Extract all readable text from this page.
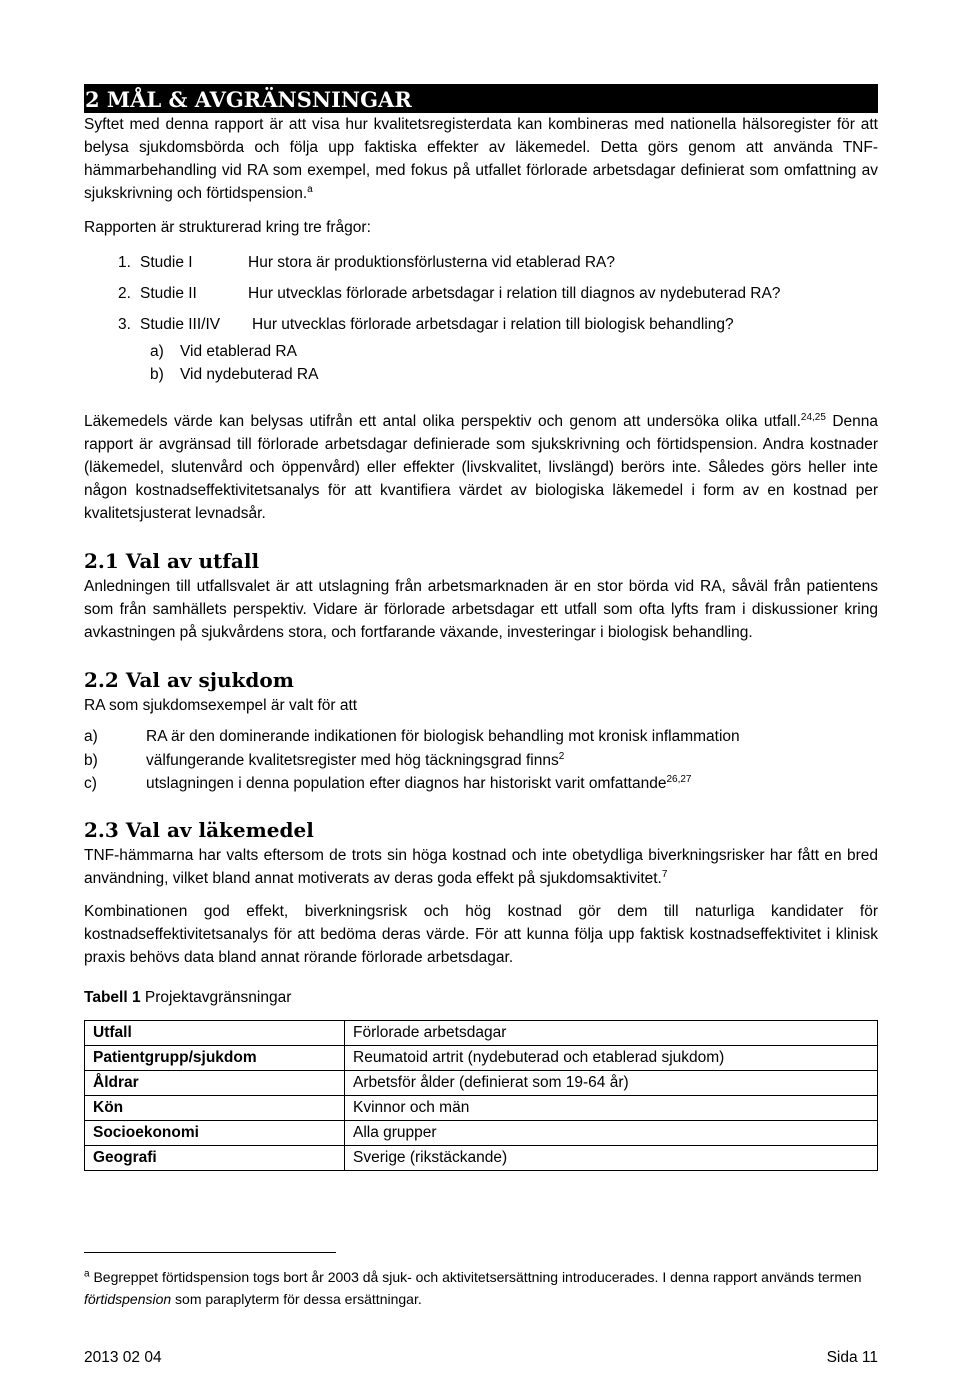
2 MÅL & AVGRÄNSNINGAR

Syftet med denna rapport är att visa hur kvalitetsregisterdata kan kombineras med nationella hälsoregister för att belysa sjukdomsbörda och följa upp faktiska effekter av läkemedel. Detta görs genom att använda TNF-hämmarbehandling vid RA som exempel, med fokus på utfallet förlorade arbetsdagar definierat som omfattning av sjukskrivning och förtidspension.$^a$

Rapporten är strukturerad kring tre frågor:

1. Studie I	Hur stora är produktionsförlusterna vid etablerad RA?
2. Studie II	Hur utvecklas förlorade arbetsdagar i relation till diagnos av nydebuterad RA?
3. Studie III/IV	Hur utvecklas förlorade arbetsdagar i relation till biologisk behandling?
a)	Vid etablerad RA
b)	Vid nydebuterad RA

Läkemedels värde kan belysas utifrån ett antal olika perspektiv och genom att undersöka olika utfall.$^{24,25}$ Denna rapport är avgränsad till förlorade arbetsdagar definierade som sjukskrivning och förtidspension. Andra kostnader (läkemedel, slutenvård och öppenvård) eller effekter (livskvalitet, livslängd) berörs inte. Således görs heller inte någon kostnadseffektivitetsanalys för att kvantifiera värdet av biologiska läkemedel i form av en kostnad per kvalitetsjusterat levnadsår.

2.1 Val av utfall

Anledningen till utfallsvalet är att utslagning från arbetsmarknaden är en stor börda vid RA, såväl från patientens som från samhällets perspektiv. Vidare är förlorade arbetsdagar ett utfall som ofta lyfts fram i diskussioner kring avkastningen på sjukvårdens stora, och fortfarande växande, investeringar i biologisk behandling.

2.2 Val av sjukdom

RA som sjukdomsexempel är valt för att

a)	RA är den dominerande indikationen för biologisk behandling mot kronisk inflammation
b)	välfungerande kvalitetsregister med hög täckningsgrad finns$^2$
c)	utslagningen i denna population efter diagnos har historiskt varit omfattande$^{26,27}$
2.3 Val av läkemedel

TNF-hämmarna har valts eftersom de trots sin höga kostnad och inte obetydliga biverkningsrisker har fått en bred användning, vilket bland annat motiverats av deras goda effekt på sjukdomsaktivitet.$^7$

Kombinationen god effekt, biverkningsrisk och hög kostnad gör dem till naturliga kandidater för kostnadseffektivitetsanalys för att bedöma deras värde. För att kunna följa upp faktisk kostnadseffektivitet i klinisk praxis behövs data bland annat rörande förlorade arbetsdagar.

Tabell 1 Projektavgränsningar

Utfall	Förlorade arbetsdagar
Patientgrupp/sjukdom	Reumatoid artrit (nydebuterad och etablerad sjukdom)
Åldrar	Arbetsför ålder (definierat som 19-64 år)
Kön	Kvinnor och män
Socioekonomi	Alla grupper
Geografi	Sverige (rikstäckande)

$^a$ Begreppet förtidspension togs bort år 2003 då sjuk- och aktivitetsersättning introducerades. I denna rapport används termen förtidspension som paraplyterm för dessa ersättningar.

2013 02 04	Sida 11
